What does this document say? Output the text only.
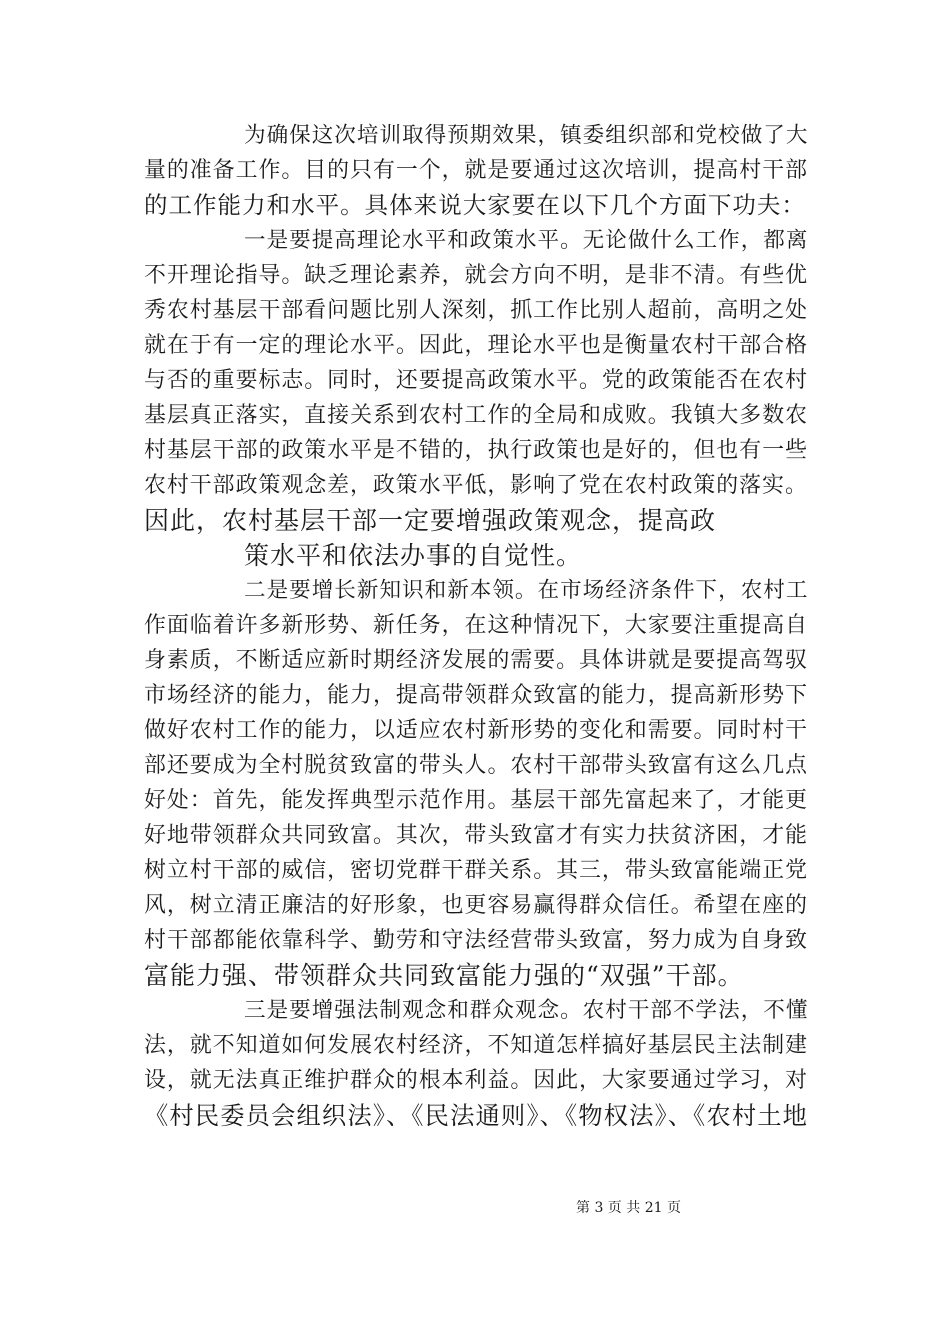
为确保这次培训取得预期效果，镇委组织部和党校做了大
量的准备工作。目的只有一个，就是要通过这次培训，提高村干部
的工作能力和水平。具体来说大家要在以下几个方面下功夫：
一是要提高理论水平和政策水平。无论做什么工作，都离
不开理论指导。缺乏理论素养，就会方向不明，是非不清。有些优
秀农村基层干部看问题比别人深刻，抓工作比别人超前，高明之处
就在于有一定的理论水平。因此，理论水平也是衡量农村干部合格
与否的重要标志。同时，还要提高政策水平。党的政策能否在农村
基层真正落实，直接关系到农村工作的全局和成败。我镇大多数农
村基层干部的政策水平是不错的，执行政策也是好的，但也有一些
农村干部政策观念差，政策水平低，影响了党在农村政策的落实。
因此，农村基层干部一定要增强政策观念，提高政
策水平和依法办事的自觉性。
二是要增长新知识和新本领。在市场经济条件下，农村工
作面临着许多新形势、新任务，在这种情况下，大家要注重提高自
身素质，不断适应新时期经济发展的需要。具体讲就是要提高驾驭
市场经济的能力，能力，提高带领群众致富的能力，提高新形势下
做好农村工作的能力，以适应农村新形势的变化和需要。同时村干
部还要成为全村脱贫致富的带头人。农村干部带头致富有这么几点
好处：首先，能发挥典型示范作用。基层干部先富起来了，才能更
好地带领群众共同致富。其次，带头致富才有实力扶贫济困，才能
树立村干部的威信，密切党群干群关系。其三，带头致富能端正党
风，树立清正廉洁的好形象，也更容易赢得群众信任。希望在座的
村干部都能依靠科学、勤劳和守法经营带头致富，努力成为自身致
富能力强、带领群众共同致富能力强的“双强”干部。
三是要增强法制观念和群众观念。农村干部不学法，不懂
法，就不知道如何发展农村经济，不知道怎样搞好基层民主法制建
设，就无法真正维护群众的根本利益。因此，大家要通过学习，对
《村民委员会组织法》、《民法通则》、《物权法》、《农村土地
第 3 页 共 21 页
